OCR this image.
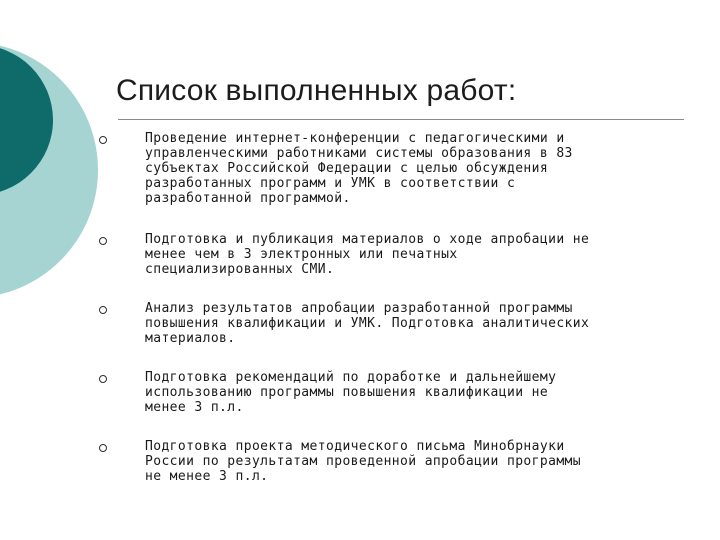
Список выполненных работ:

Проведение интернет-конференции с педагогическими и
управленческими работниками системы образования в 83
субъектах Российской Федерации с целью обсуждения
разработанных программ и УМК в соответствии с
разработанной программой.

Подготовка и публикация материалов о ходе апробации не
менее чем в 3 электронных или печатных
специализированных СМИ.

Анализ результатов апробации разработанной программы
повышения квалификации и УМК. Подготовка аналитических
материалов.

Подготовка рекомендаций по доработке и дальнейшему
использованию программы повышения квалификации не
менее 3 п.л.

Подготовка проекта методического письма Минобрнауки
России по результатам проведенной апробации программы
не менее 3 п.л.
